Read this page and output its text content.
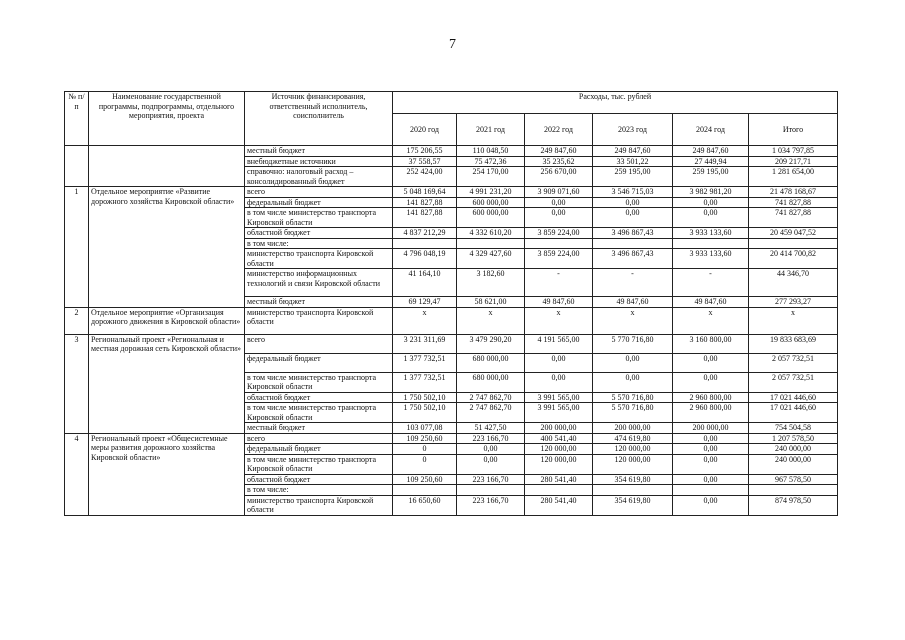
7
№ п/п	Наименование государственной программы, подпрограммы, отдельного мероприятия, проекта	Источник финансирования, ответственный исполнитель, соисполнитель	Расходы, тыс. рублей					
			2020 год	2021 год	2022 год	2023 год	2024 год	Итого
		местный бюджет	175 206,55	110 048,50	249 847,60	249 847,60	249 847,60	1 034 797,85
		внебюджетные источники	37 558,57	75 472,36	35 235,62	33 501,22	27 449,94	209 217,71
		справочно: налоговый расход – консолидированный бюджет	252 424,00	254 170,00	256 670,00	259 195,00	259 195,00	1 281 654,00
1	Отдельное мероприятие «Развитие дорожного хозяйства Кировской области»	всего	5 048 169,64	4 991 231,20	3 909 071,60	3 546 715,03	3 982 981,20	21 478 168,67
		федеральный бюджет	141 827,88	600 000,00	0,00	0,00	0,00	741 827,88
		в том числе министерство транспорта Кировской области	141 827,88	600 000,00	0,00	0,00	0,00	741 827,88
		областной бюджет	4 837 212,29	4 332 610,20	3 859 224,00	3 496 867,43	3 933 133,60	20 459 047,52
		в том числе:						
		министерство транспорта Кировской области	4 796 048,19	4 329 427,60	3 859 224,00	3 496 867,43	3 933 133,60	20 414 700,82
		министерство информационных технологий и связи Кировской области	41 164,10	3 182,60	-	-	-	44 346,70
		местный бюджет	69 129,47	58 621,00	49 847,60	49 847,60	49 847,60	277 293,27
2	Отдельное мероприятие «Организация дорожного движения в Кировской области»	министерство транспорта Кировской области	х	х	х	х	х	х
3	Региональный проект «Региональная и местная дорожная сеть Кировской области»	всего	3 231 311,69	3 479 290,20	4 191 565,00	5 770 716,80	3 160 800,00	19 833 683,69
		федеральный бюджет	1 377 732,51	680 000,00	0,00	0,00	0,00	2 057 732,51
		в том числе министерство транспорта Кировской области	1 377 732,51	680 000,00	0,00	0,00	0,00	2 057 732,51
		областной бюджет	1 750 502,10	2 747 862,70	3 991 565,00	5 570 716,80	2 960 800,00	17 021 446,60
		в том числе министерство транспорта Кировской области	1 750 502,10	2 747 862,70	3 991 565,00	5 570 716,80	2 960 800,00	17 021 446,60
		местный бюджет	103 077,08	51 427,50	200 000,00	200 000,00	200 000,00	754 504,58
4	Региональный проект «Общесистемные меры развития дорожного хозяйства Кировской области»	всего	109 250,60	223 166,70	400 541,40	474 619,80	0,00	1 207 578,50
		федеральный бюджет	0	0,00	120 000,00	120 000,00	0,00	240 000,00
		в том числе министерство транспорта Кировской области	0	0,00	120 000,00	120 000,00	0,00	240 000,00
		областной бюджет	109 250,60	223 166,70	280 541,40	354 619,80	0,00	967 578,50
		в том числе:						
		министерство транспорта Кировской области	16 650,60	223 166,70	280 541,40	354 619,80	0,00	874 978,50
